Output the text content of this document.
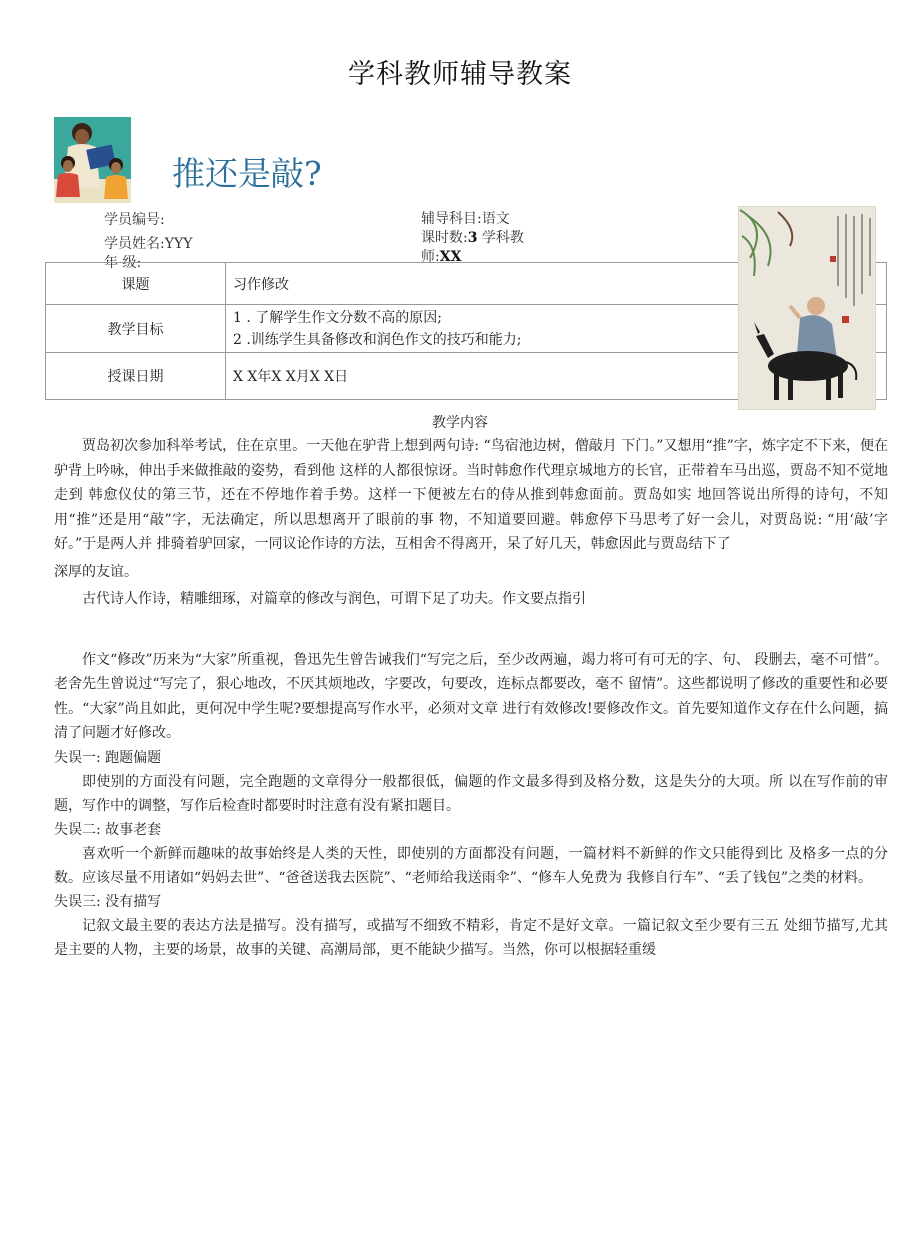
学科教师辅导教案
推还是敲?
学员编号:
学员姓名:YYY
年 级:
辅导科目:语文
课时数:3 学科教
师:XX
课题	习作修改
教学目标	1 . 了解学生作文分数不高的原因;
2 .训练学生具备修改和润色作文的技巧和能力;

授课日期	X X年X X月X X日
教学内容

贾岛初次参加科举考试，住在京里。一天他在驴背上想到两句诗: “鸟宿池边树，僧敲月 下门。”又想用“推”字，炼字定不下来，便在驴背上吟咏，伸出手来做推敲的姿势，看到他 这样的人都很惊讶。当时韩愈作代理京城地方的长官，正带着车马出巡，贾岛不知不觉地走到 韩愈仪仗的第三节，还在不停地作着手势。这样一下便被左右的侍从推到韩愈面前。贾岛如实 地回答说出所得的诗句，不知用“推”还是用“敲”字，无法确定，所以思想离开了眼前的事 物，不知道要回避。韩愈停下马思考了好一会儿，对贾岛说: “用‘敲’字好。”于是两人并 排骑着驴回家，一同议论作诗的方法，互相舍不得离开，呆了好几天，韩愈因此与贾岛结下了

深厚的友谊。

古代诗人作诗，精雕细琢，对篇章的修改与润色，可谓下足了功夫。作文要点指引

作文“修改”历来为“大家”所重视，鲁迅先生曾告诫我们“写完之后，至少改两遍，竭力将可有可无的字、句、 段删去，毫不可惜”。老舍先生曾说过“写完了，狠心地改，不厌其烦地改，字要改，句要改，连标点都要改，毫不 留情”。这些都说明了修改的重要性和必要性。“大家”尚且如此，更何况中学生呢?要想提高写作水平，必须对文章 进行有效修改!要修改作文。首先要知道作文存在什么问题，搞清了问题才好修改。

失误一: 跑题偏题

即使别的方面没有问题，完全跑题的文章得分一般都很低，偏题的作文最多得到及格分数，这是失分的大项。所 以在写作前的审题，写作中的调整，写作后检查时都要时时注意有没有紧扣题目。

失误二: 故事老套

喜欢听一个新鲜而趣味的故事始终是人类的天性，即使别的方面都没有问题，一篇材料不新鲜的作文只能得到比 及格多一点的分数。应该尽量不用诸如“妈妈去世”、“爸爸送我去医院”、“老师给我送雨伞”、“修车人免费为 我修自行车”、“丢了钱包”之类的材料。

失误三: 没有描写

记叙文最主要的表达方法是描写。没有描写，或描写不细致不精彩，肯定不是好文章。一篇记叙文至少要有三五 处细节描写,尤其是主要的人物，主要的场景，故事的关键、高潮局部，更不能缺少描写。当然，你可以根据轻重缓
